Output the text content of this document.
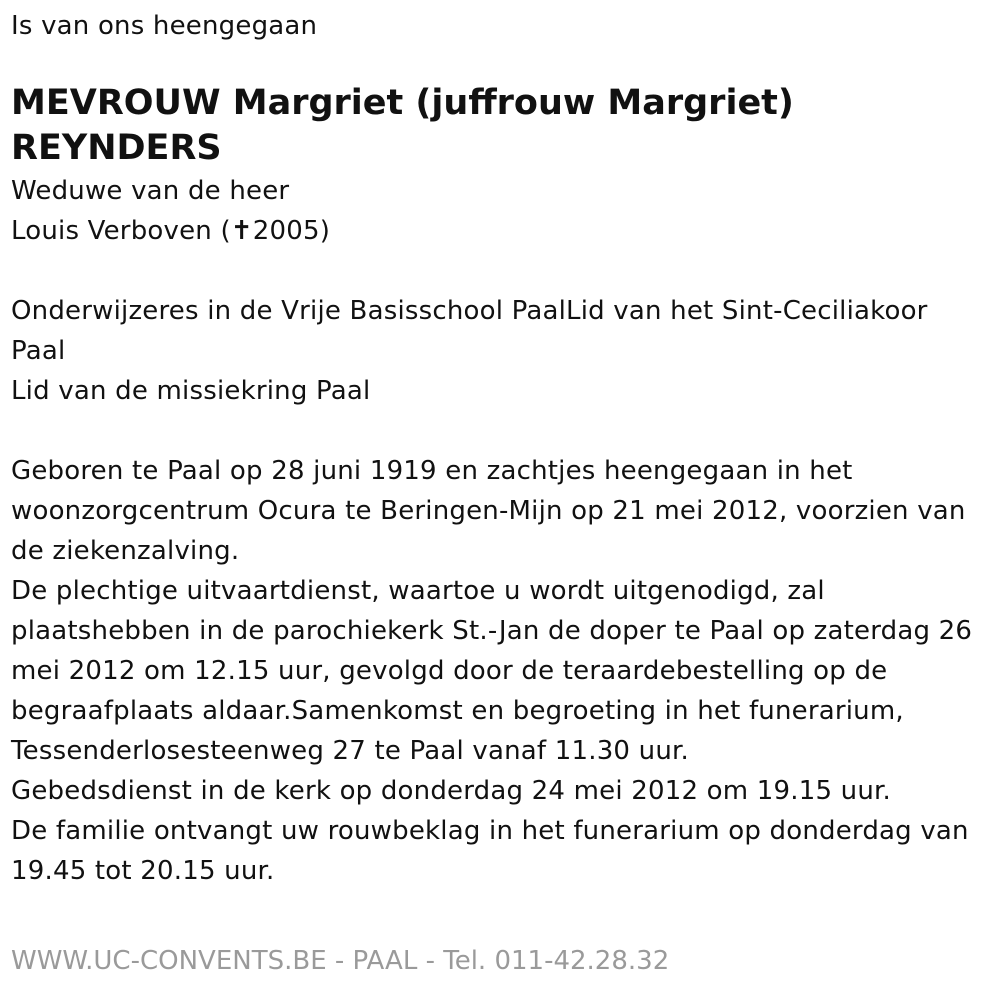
Is van ons heengegaan
MEVROUW Margriet (juffrouw Margriet)
REYNDERS
Weduwe van de heer
Louis Verboven (✝2005)
Onderwijzeres in de Vrije Basisschool PaalLid van het Sint-Ceciliakoor
Paal
Lid van de missiekring Paal
Geboren te Paal op 28 juni 1919 en zachtjes heengegaan in het
woonzorgcentrum Ocura te Beringen-Mijn op 21 mei 2012, voorzien van
de ziekenzalving.
De plechtige uitvaartdienst, waartoe u wordt uitgenodigd, zal
plaatshebben in de parochiekerk St.-Jan de doper te Paal op zaterdag 26
mei 2012 om 12.15 uur, gevolgd door de teraardebestelling op de
begraafplaats aldaar.Samenkomst en begroeting in het funerarium,
Tessenderlosesteenweg 27 te Paal vanaf 11.30 uur.
Gebedsdienst in de kerk op donderdag 24 mei 2012 om 19.15 uur.
De familie ontvangt uw rouwbeklag in het funerarium op donderdag van
19.45 tot 20.15 uur.
WWW.UC-CONVENTS.BE - PAAL - Tel. 011-42.28.32
